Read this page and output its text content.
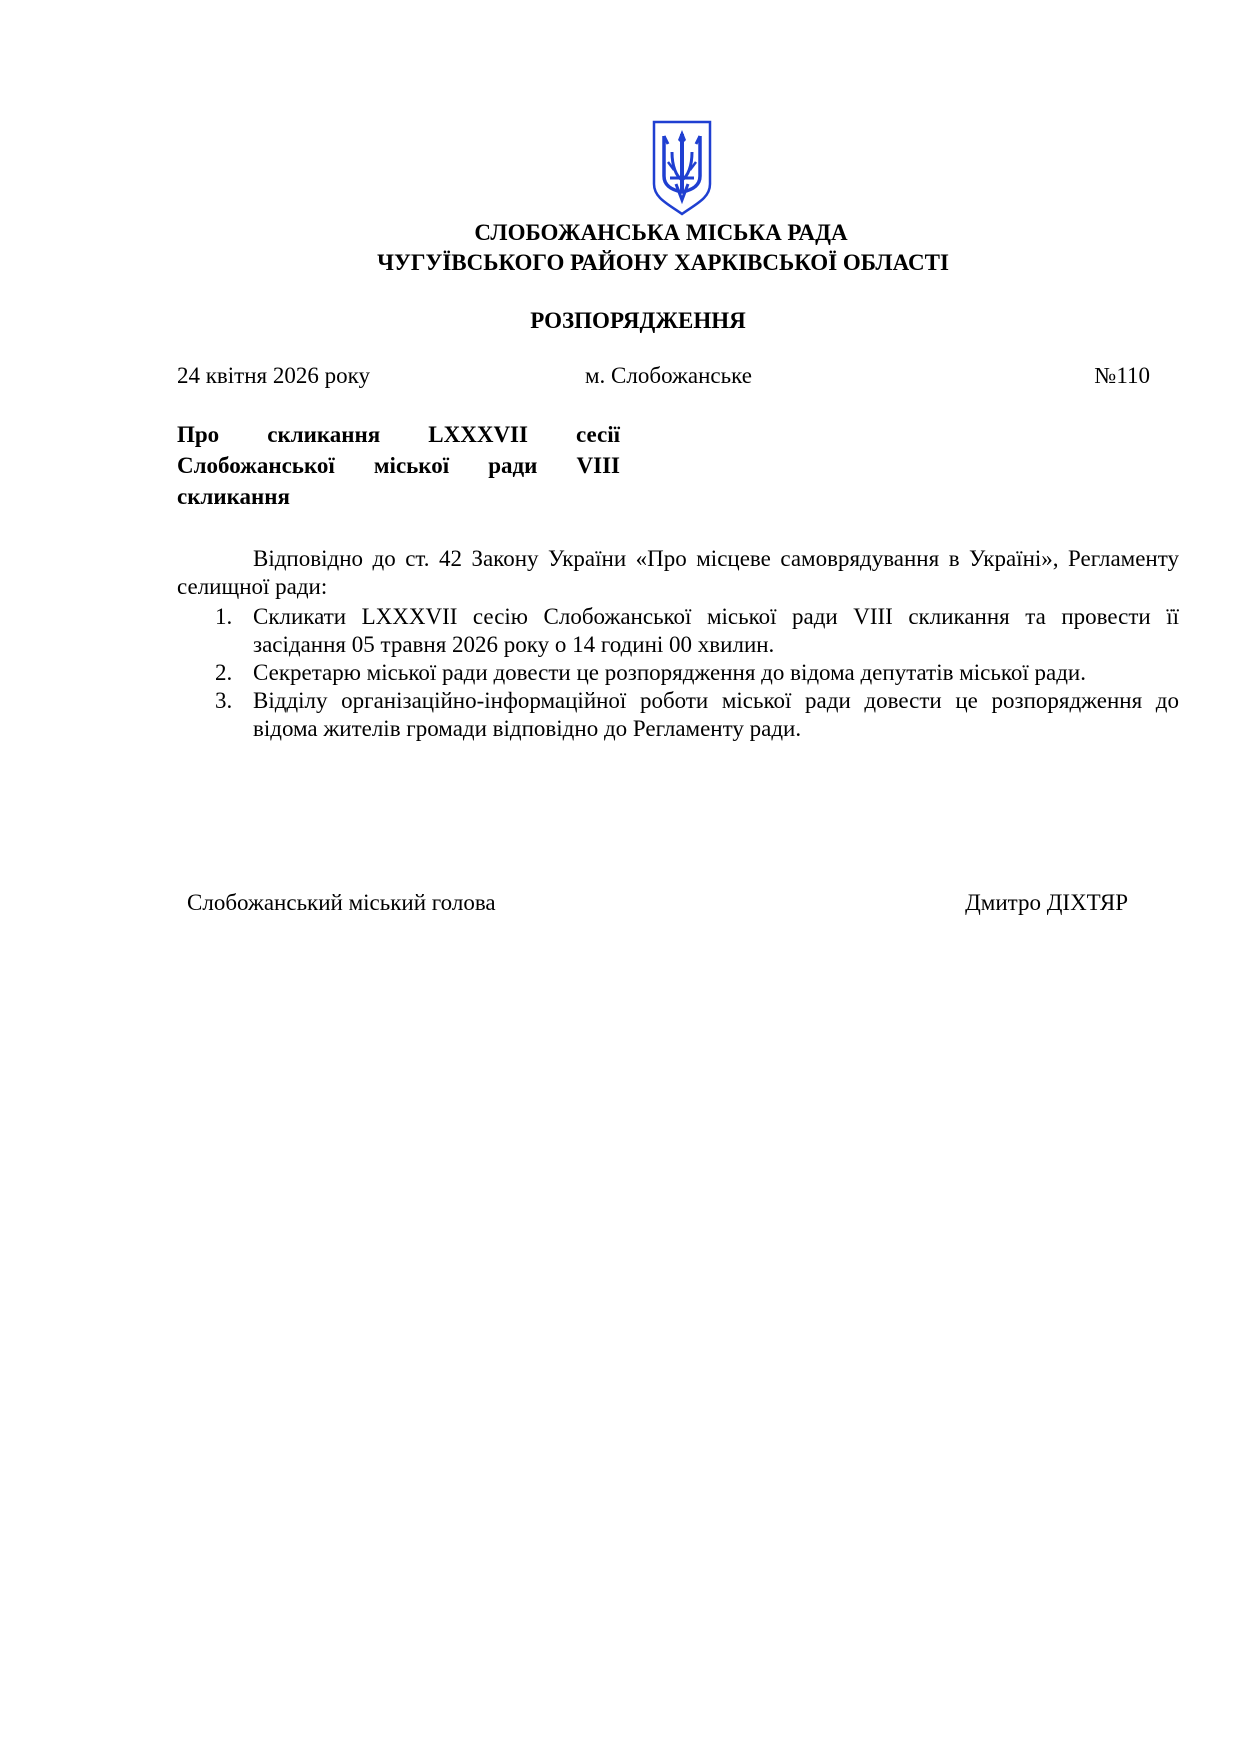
СЛОБОЖАНСЬКА МІСЬКА РАДА
ЧУГУЇВСЬКОГО РАЙОНУ ХАРКІВСЬКОЇ ОБЛАСТІ
РОЗПОРЯДЖЕННЯ
24 квітня 2026 року	м. Слобожанське	№110
Про скликання LXXXVII сесії
Слобожанської міської ради VIII
скликання
Відповідно до ст. 42 Закону України «Про місцеве самоврядування в Україні», Регламенту селищної ради:
1. Скликати LXXXVII сесію Слобожанської міської ради VIII скликання та провести її засідання 05 травня 2026 року о 14 годині 00 хвилин.
2. Секретарю міської ради довести це розпорядження до відома депутатів міської ради.
3. Відділу організаційно-інформаційної роботи міської ради довести це розпорядження до відома жителів громади відповідно до Регламенту ради.
Слобожанський міський голова	Дмитро ДІХТЯР
